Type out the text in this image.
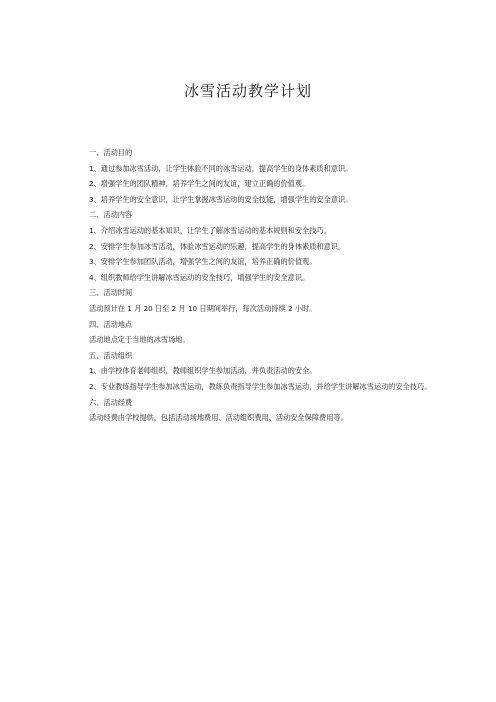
冰雪活动教学计划

一、活动目的

1、通过参加冰雪活动，让学生体验不同的冰雪运动，提高学生的身体素质和意识。

2、增强学生的团队精神，培养学生之间的友谊，建立正确的价值观。

3、培养学生的安全意识，让学生掌握冰雪运动的安全技能，增强学生的安全意识。

二、活动内容

1、介绍冰雪运动的基本知识，让学生了解冰雪运动的基本规则和安全技巧。

2、安排学生参加冰雪活动，体验冰雪运动的乐趣，提高学生的身体素质和意识。

3、安排学生参加团队活动，增强学生之间的友谊，培养正确的价值观。

4、组织教师给学生讲解冰雪运动的安全技巧，增强学生的安全意识。

三、活动时间

活动预计在 1 月 20 日至 2 月 10 日期间举行，每次活动持续 2 小时。

四、活动地点

活动地点定于当地的冰雪场地。

五、活动组织

1、由学校体育老师组织，教师组织学生参加活动，并负责活动的安全。

2、专业教练指导学生参加冰雪运动，教练负责指导学生参加冰雪运动，并给学生讲解冰雪运动的安全技巧。

六、活动经费

活动经费由学校提供，包括活动场地费用、活动组织费用、活动安全保障费用等。
